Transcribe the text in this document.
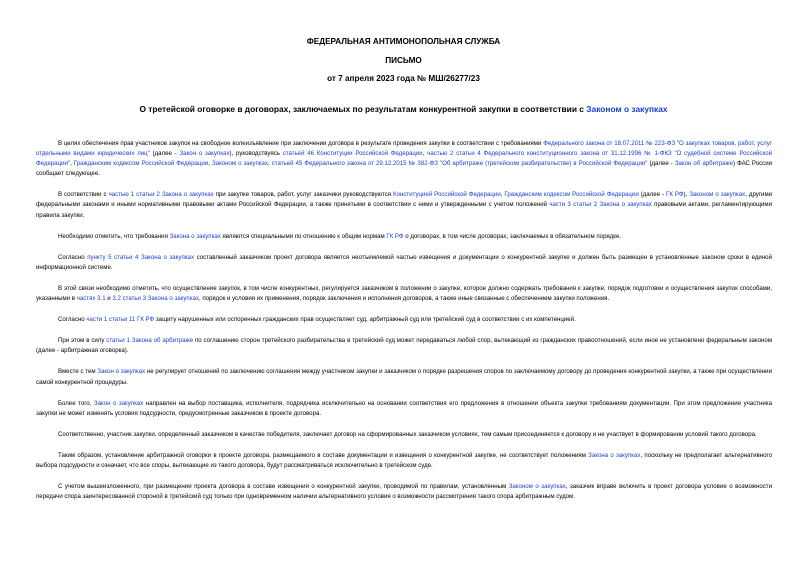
ФЕДЕРАЛЬНАЯ АНТИМОНОПОЛЬНАЯ СЛУЖБА
ПИСЬМО
от 7 апреля 2023 года № МШ/26277/23
О третейской оговорке в договорах, заключаемых по результатам конкурентной закупки в соответствии с Законом о закупках

В целях обеспечения прав участников закупок на свободное волеизъявление при заключении договора в результате проведения закупки в соответствии с требованиями Федерального закона от 18.07.2011 № 223-ФЗ "О закупках товаров, работ, услуг отдельными видами юридических лиц" (далее - Закон о закупках), руководствуясь статьей 46 Конституции Российской Федерации, частью 2 статьи 4 Федерального конституционного закона от 31.12.1996 № 1-ФКЗ "О судебной системе Российской Федерации", Гражданским кодексом Российской Федерации, Законом о закупках, статьей 45 Федерального закона от 29.12.2015 № 382-ФЗ "Об арбитраже (третейском разбирательстве) в Российской Федерации" (далее - Закон об арбитраже) ФАС России сообщает следующее.

В соответствии с частью 1 статьи 2 Закона о закупках при закупке товаров, работ, услуг заказчики руководствуются Конституцией Российской Федерации, Гражданским кодексом Российской Федерации (далее - ГК РФ), Законом о закупках, другими федеральными законами и иными нормативными правовыми актами Российской Федерации, а также принятыми в соответствии с ними и утвержденными с учетом положений части 3 статьи 2 Закона о закупках правовыми актами, регламентирующими правила закупки.

Необходимо отметить, что требования Закона о закупках являются специальными по отношению к общим нормам ГК РФ о договорах, в том числе договорах, заключаемых в обязательном порядке.

Согласно пункту 5 статьи 4 Закона о закупках составленный заказчиком проект договора является неотъемлемой частью извещения и документации о конкурентной закупке и должен быть размещен в установленные законом сроки в единой информационной системе.

В этой связи необходимо отметить, что осуществление закупок, в том числе конкурентных, регулируется заказчиком в положении о закупке, которое должно содержать требования к закупке, порядок подготовки и осуществления закупок способами, указанными в частях 3.1 и 3.2 статьи 3 Закона о закупках, порядок и условия их применения, порядок заключения и исполнения договоров, а также иные связанные с обеспечением закупки положения.

Согласно части 1 статьи 11 ГК РФ защиту нарушенных или оспоренных гражданских прав осуществляет суд, арбитражный суд или третейский суд в соответствии с их компетенцией.

При этом в силу статьи 1 Закона об арбитраже по соглашению сторон третейского разбирательства в третейский суд может передаваться любой спор, вытекающий из гражданских правоотношений, если иное не установлено федеральным законом (далее - арбитражная оговорка).

Вместе с тем Закон о закупках не регулирует отношений по заключению соглашения между участником закупки и заказчиком о порядке разрешения споров по заключаемому договору до проведения конкурентной закупки, а также при осуществлении самой конкурентной процедуры.

Более того, Закон о закупках направлен на выбор поставщика, исполнителя, подрядчика исключительно на основании соответствия его предложения в отношении объекта закупки требованиям документации. При этом предложение участника закупки не может изменять условия подсудности, предусмотренные заказчиком в проекте договора.

Соответственно, участник закупки, определенный заказчиком в качестве победителя, заключает договор на сформированных заказчиком условиях, тем самым присоединяется к договору и не участвует в формировании условий такого договора.

Таким образом, установление арбитражной оговорки в проекте договора, размещаемого в составе документации и извещения о конкурентной закупке, не соответствует положениям Закона о закупках, поскольку не предполагает альтернативного выбора подсудности и означает, что все споры, вытекающие из такого договора, будут рассматриваться исключительно в третейском суде.

С учетом вышеизложенного, при размещении проекта договора в составе извещения о конкурентной закупке, проводимой по правилам, установленным Законом о закупках, заказчик вправе включить в проект договора условие о возможности передачи спора заинтересованной стороной в третейский суд только при одновременном наличии альтернативного условия о возможности рассмотрения такого спора арбитражным судом.
